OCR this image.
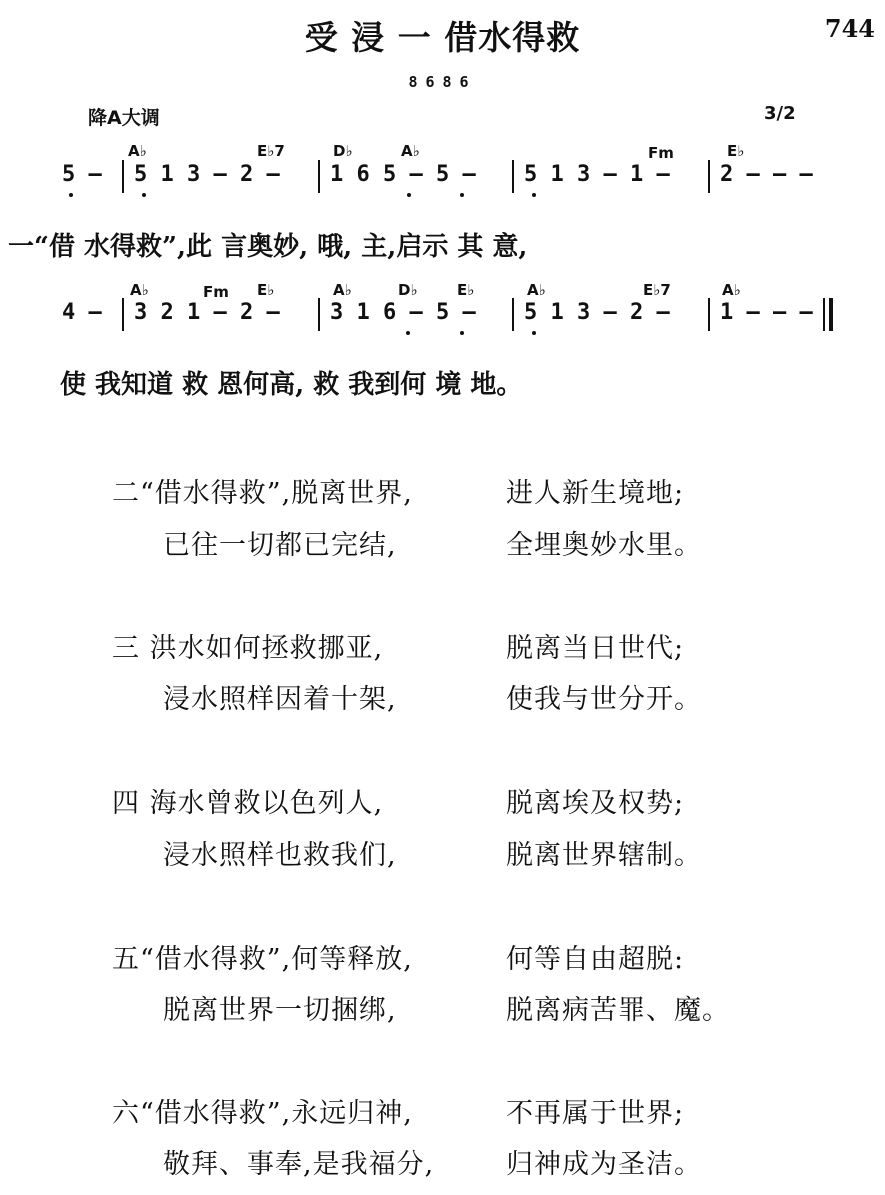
受 浸 一 借水得救	744
8686
降A大调	3/2
A♭	E♭7	D♭	A♭	Fm	E♭
5 – 5 1 3 – 2 – 1 6 5 – 5 – 5 1 3 – 1 – 2 – – –
一“借 水得救”,此 言奥妙, 哦, 主,启示 其 意,
A♭	Fm E♭	A♭	D♭	E♭	A♭	E♭7	A♭
4 – 3 2 1 – 2 – 3 1 6 – 5 – 5 1 3 – 2 – 1 – – –
使 我知道 救 恩何高, 救 我到何 境 地。
二“借水得救”,脱离世界,	进人新生境地;
已往一切都已完结,	全埋奥妙水里。
三 洪水如何拯救挪亚,	脱离当日世代;
浸水照样因着十架,	使我与世分开。
四 海水曾救以色列人,	脱离埃及权势;
浸水照样也救我们,	脱离世界辖制。
五“借水得救”,何等释放,	何等自由超脱:
脱离世界一切捆绑,	脱离病苦罪、魔。
六“借水得救”,永远归神,	不再属于世界;
敬拜、事奉,是我福分,	归神成为圣洁。
